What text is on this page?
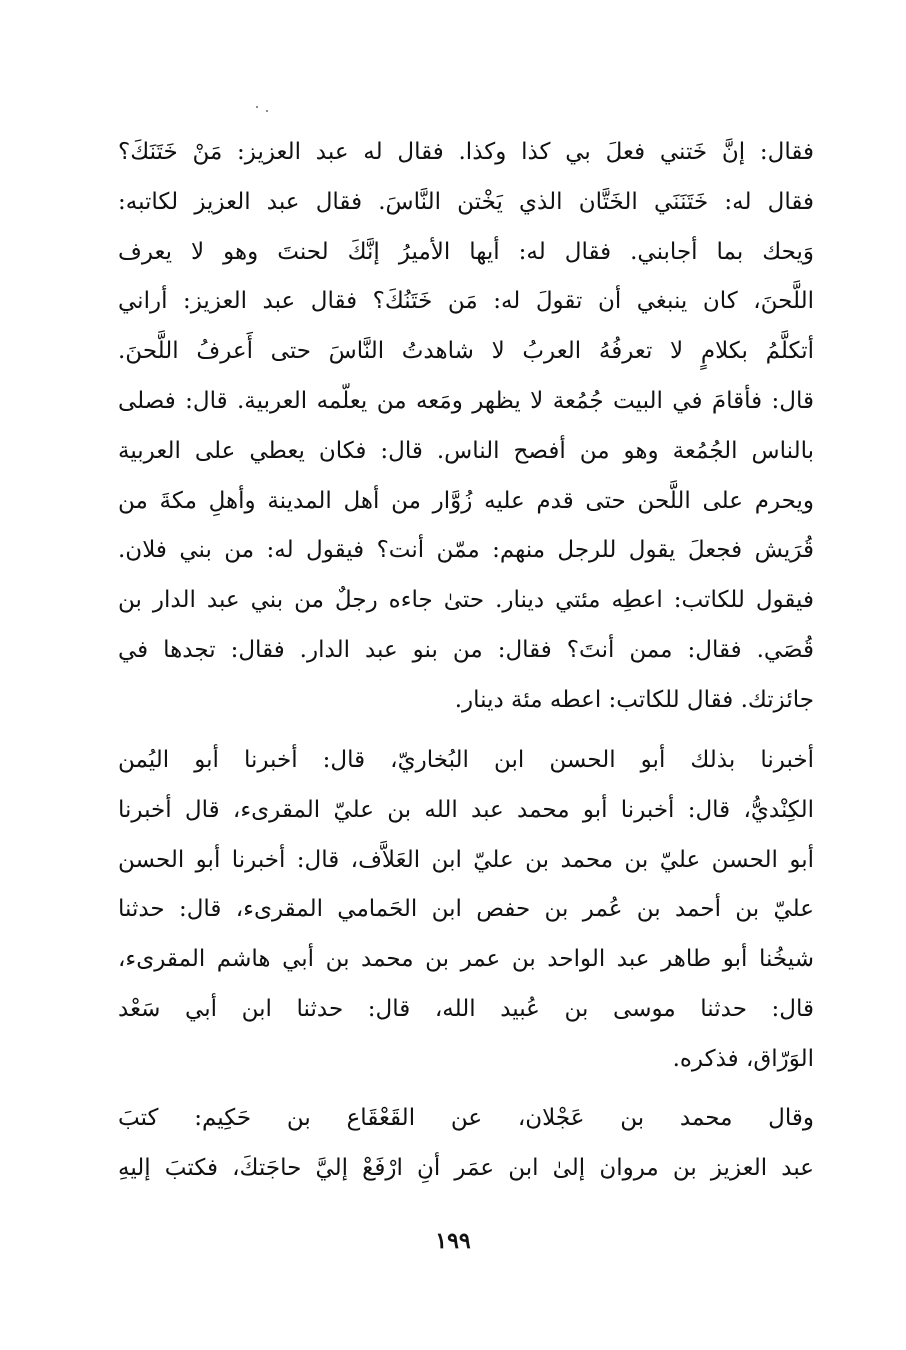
فقال: إنَّ خَتني فعلَ بي كذا وكذا. فقال له عبد العزيز: مَنْ خَتَنَكَ؟
فقال له: خَتَنَنَي الخَتَّان الذي يَخْتن النَّاسَ. فقال عبد العزيز لكاتبه:
وَيحك بما أجابني. فقال له: أيها الأميرُ إنَّكَ لحنتَ وهو لا يعرف
اللَّحنَ، كان ينبغي أن تقولَ له: مَن خَتَنُكَ؟ فقال عبد العزيز: أراني
أتكلَّمُ بكلامٍ لا تعرفُهُ العربُ لا شاهدتُ النَّاسَ حتى أَعرفُ اللَّحنَ.
قال: فأقامَ في البيت جُمُعة لا يظهر ومَعه من يعلّمه العربية. قال: فصلى
بالناس الجُمُعة وهو من أفصح الناس. قال: فكان يعطي على العربية
ويحرم على اللَّحن حتى قدم عليه زُوَّار من أهل المدينة وأهلِ مكةَ من
قُرَيش فجعلَ يقول للرجل منهم: ممّن أنت؟ فيقول له: من بني فلان.
فيقول للكاتب: اعطِه مئتي دينار. حتىٰ جاءه رجلٌ من بني عبد الدار بن
قُصَي. فقال: ممن أنتَ؟ فقال: من بنو عبد الدار. فقال: تجدها في
جائزتك. فقال للكاتب: اعطه مئة دينار.
أخبرنا بذلك أبو الحسن ابن البُخاريّ، قال: أخبرنا أبو اليُمن
الكِنْديُّ، قال: أخبرنا أبو محمد عبد الله بن عليّ المقرىء، قال أخبرنا
أبو الحسن عليّ بن محمد بن عليّ ابن العَلاَّف، قال: أخبرنا أبو الحسن
عليّ بن أحمد بن عُمر بن حفص ابن الحَمامي المقرىء، قال: حدثنا
شيخُنا أبو طاهر عبد الواحد بن عمر بن محمد بن أبي هاشم المقرىء،
قال: حدثنا موسى بن عُبيد الله، قال: حدثنا ابن أبي سَعْد
الوَرّاق، فذكره.
وقال محمد بن عَجْلان، عن القَعْقَاع بن حَكِيم: كتبَ
عبد العزيز بن مروان إلىٰ ابن عمَر أنِ ارْفَعْ إليَّ حاجَتكَ، فكتبَ إليهِ
١٩٩
